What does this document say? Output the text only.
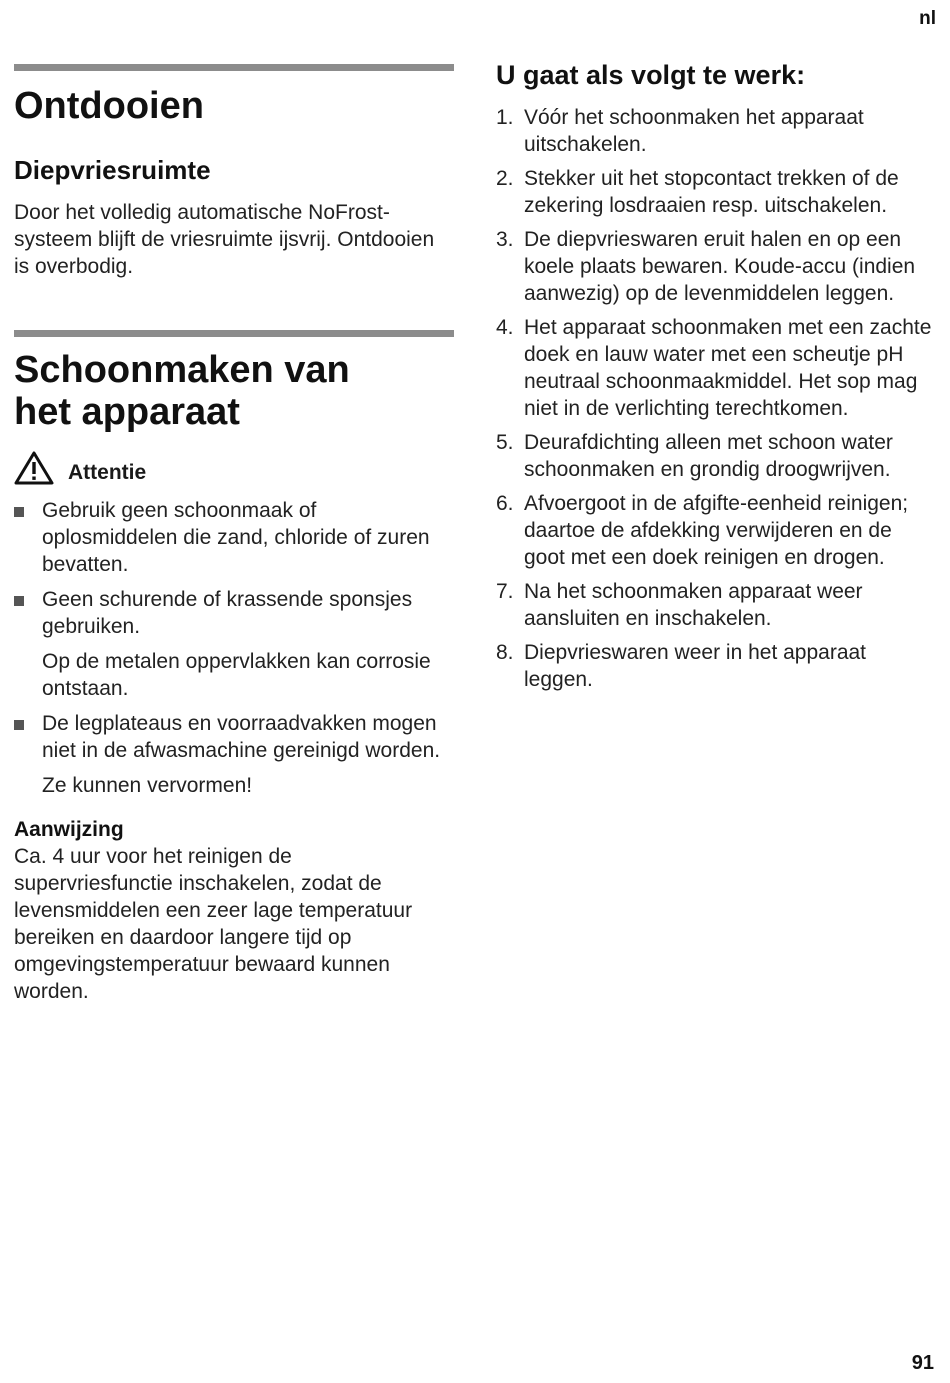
nl
Ontdooien
Diepvriesruimte

Door het volledig automatische NoFrost-systeem blijft de vriesruimte ijsvrij. Ontdooien is overbodig.

Schoonmaken van
het apparaat
Attentie
Gebruik geen schoonmaak of oplosmiddelen die zand, chloride of zuren bevatten.
Geen schurende of krassende sponsjes gebruiken.
Op de metalen oppervlakken kan corrosie ontstaan.
De legplateaus en voorraadvakken mogen niet in de afwasmachine gereinigd worden.
Ze kunnen vervormen!
Aanwijzing

Ca. 4 uur voor het reinigen de supervriesfunctie inschakelen, zodat de levensmiddelen een zeer lage temperatuur bereiken en daardoor langere tijd op omgevingstemperatuur bewaard kunnen worden.

U gaat als volgt te werk:
1. Vóór het schoonmaken het apparaat uitschakelen.
2. Stekker uit het stopcontact trekken of de zekering losdraaien resp. uitschakelen.
3. De diepvrieswaren eruit halen en op een koele plaats bewaren. Koude-accu (indien aanwezig) op de levenmiddelen leggen.
4. Het apparaat schoonmaken met een zachte doek en lauw water met een scheutje pH neutraal schoonmaakmiddel. Het sop mag niet in de verlichting terechtkomen.
5. Deurafdichting alleen met schoon water schoonmaken en grondig droogwrijven.
6. Afvoergoot in de afgifte-eenheid reinigen; daartoe de afdekking verwijderen en de goot met een doek reinigen en drogen.
7. Na het schoonmaken apparaat weer aansluiten en inschakelen.
8. Diepvrieswaren weer in het apparaat leggen.
91
